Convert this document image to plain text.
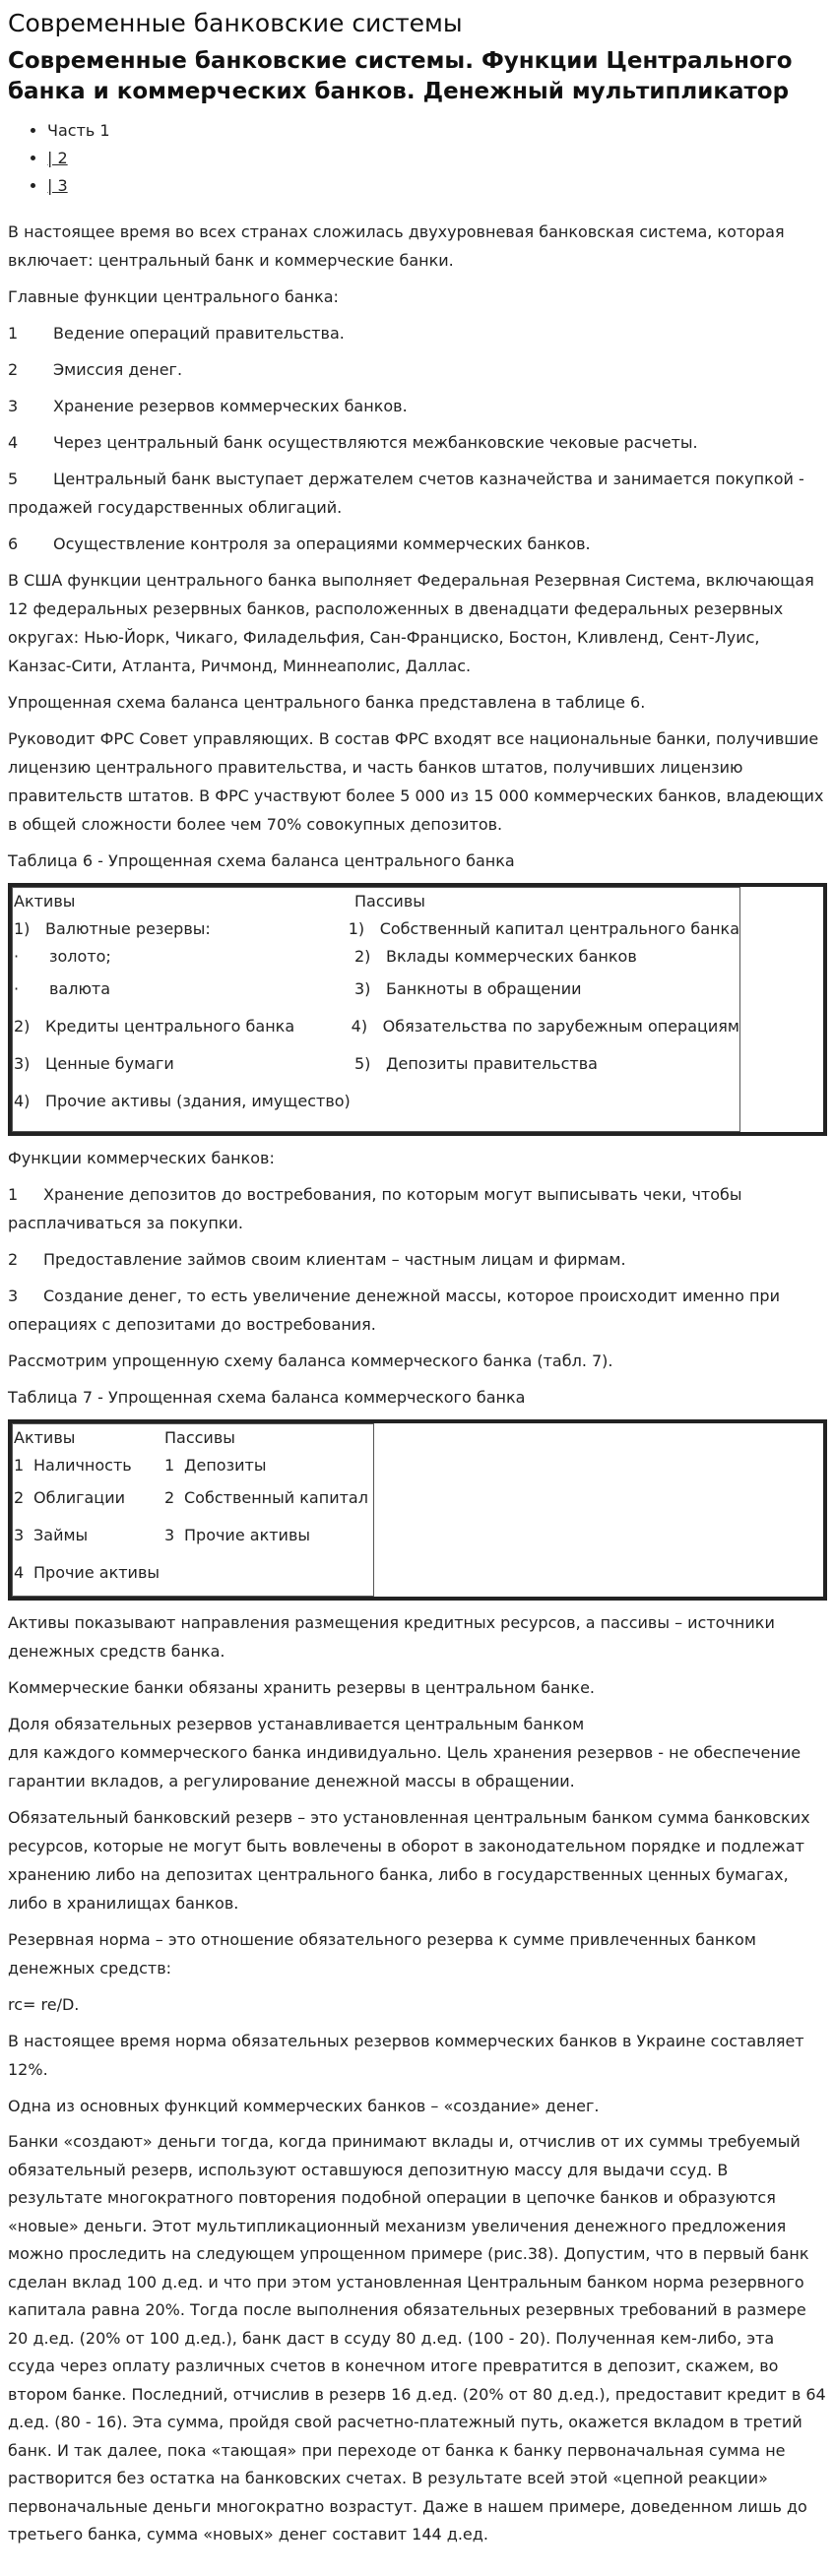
Современные банковские системы
Современные банковские системы. Функции Центрального банка и коммерческих банков. Денежный мультипликатор
• Часть 1
• | 2
• | 3

В настоящее время во всех странах сложилась двухуровневая банковская система, которая включает: центральный банк и коммерческие банки.

Главные функции центрального банка:

1 Ведение операций правительства.

2 Эмиссия денег.

3 Хранение резервов коммерческих банков.

4 Через центральный банк осуществляются межбанковские чековые расчеты.

5 Центральный банк выступает держателем счетов казначейства и занимается покупкой - продажей государственных облигаций.

6 Осуществление контроля за операциями коммерческих банков.

В США функции центрального банка выполняет Федеральная Резервная Система, включающая 12 федеральных резервных банков, расположенных в двенадцати федеральных резервных округах: Нью-Йорк, Чикаго, Филадельфия, Сан-Франциско, Бостон, Кливленд, Сент-Луис, Канзас-Сити, Атланта, Ричмонд, Миннеаполис, Даллас.

Упрощенная схема баланса центрального банка представлена в таблице 6.

Руководит ФРС Совет управляющих. В состав ФРС входят все национальные банки, получившие лицензию центрального правительства, и часть банков штатов, получивших лицензию правительств штатов. В ФРС участвуют более 5 000 из 15 000 коммерческих банков, владеющих в общей сложности более чем 70% совокупных депозитов.

Таблица 6 - Упрощенная схема баланса центрального банка

Активы	Пассивы
1) Валютные резервы:	1) Собственный капитал центрального банка
· золото;	2) Вклады коммерческих банков
· валюта	3) Банкноты в обращении
2) Кредиты центрального банка	4) Обязательства по зарубежным операциям
3) Ценные бумаги	5) Депозиты правительства
4) Прочие активы (здания, имущество)

Функции коммерческих банков:

1 Хранение депозитов до востребования, по которым могут выписывать чеки, чтобы расплачиваться за покупки.

2 Предоставление займов своим клиентам – частным лицам и фирмам.

3 Создание денег, то есть увеличение денежной массы, которое происходит именно при операциях с депозитами до востребования.

Рассмотрим упрощенную схему баланса коммерческого банка (табл. 7).

Таблица 7 - Упрощенная схема баланса коммерческого банка

Активы	Пассивы
1 Наличность	1 Депозиты
2 Облигации	2 Собственный капитал
3 Займы	3 Прочие активы
4 Прочие активы

Активы показывают направления размещения кредитных ресурсов, а пассивы – источники денежных средств банка.

Коммерческие банки обязаны хранить резервы в центральном банке.

Доля обязательных резервов устанавливается центральным банком
для каждого коммерческого банка индивидуально. Цель хранения резервов - не обеспечение гарантии вкладов, а регулирование денежной массы в обращении.

Обязательный банковский резерв – это установленная центральным банком сумма банковских ресурсов, которые не могут быть вовлечены в оборот в законодательном порядке и подлежат хранению либо на депозитах центрального банка, либо в государственных ценных бумагах, либо в хранилищах банков.

Резервная норма – это отношение обязательного резерва к сумме привлеченных банком денежных средств:

rc= re/D.

В настоящее время норма обязательных резервов коммерческих банков в Украине составляет 12%.

Одна из основных функций коммерческих банков – «создание» денег.

Банки «создают» деньги тогда, когда принимают вклады и, отчислив от их суммы требуемый обязательный резерв, используют оставшуюся депозитную массу для выдачи ссуд. В результате многократного повторения подобной операции в цепочке банков и образуются «новые» деньги. Этот мультипликационный механизм увеличения денежного предложения можно проследить на следующем упрощенном примере (рис.38). Допустим, что в первый банк сделан вклад 100 д.ед. и что при этом установленная Центральным банком норма резервного капитала равна 20%. Тогда после выполнения обязательных резервных требований в размере 20 д.ед. (20% от 100 д.ед.), банк даст в ссуду 80 д.ед. (100 - 20). Полученная кем-либо, эта ссуда через оплату различных счетов в конечном итоге превратится в депозит, скажем, во втором банке. Последний, отчислив в резерв 16 д.ед. (20% от 80 д.ед.), предоставит кредит в 64 д.ед. (80 - 16). Эта сумма, пройдя свой расчетно-платежный путь, окажется вкладом в третий банк. И так далее, пока «тающая» при переходе от банка к банку первоначальная сумма не растворится без остатка на банковских счетах. В результате всей этой «цепной реакции» первоначальные деньги многократно возрастут. Даже в нашем примере, доведенном лишь до третьего банка, сумма «новых» денег составит 144 д.ед.
